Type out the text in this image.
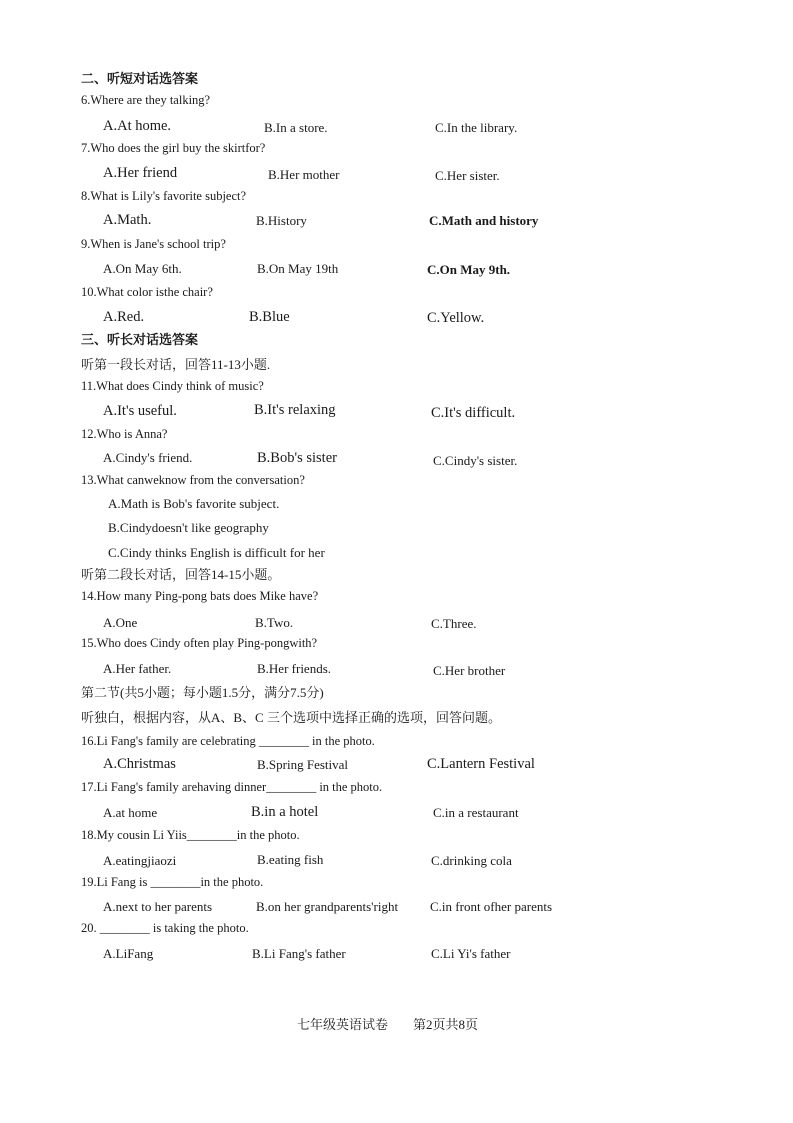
二、听短对话选答案
6.Where are they talking?
A.At home.	B.In a store.	C.In the library.
7.Who does the girl buy the skirtfor?
A.Her friend	B.Her mother	C.Her sister.
8.What is Lily's favorite subject?
A.Math.	B.History	C.Math and history
9.When is Jane's school trip?
A.On May 6th.	B.On May 19th	C.On May 9th.
10.What color isthe chair?
A.Red.	B.Blue	C.Yellow.
三、听长对话选答案
听第一段长对话，回答11-13小题.
11.What does Cindy think of music?
A.It's useful.	B.It's relaxing	C.It's difficult.
12.Who is Anna?
A.Cindy's friend.	B.Bob's sister	C.Cindy's sister.
13.What canweknow from the conversation?
A.Math is Bob's favorite subject.
B.Cindydoesn't like geography
C.Cindy thinks English is difficult for her
听第二段长对话，回答14-15小题。
14.How many Ping-pong bats does Mike have?
A.One	B.Two.	C.Three.
15.Who does Cindy often play Ping-pongwith?
A.Her father.	B.Her friends.	C.Her brother
第二节(共5小题；每小题1.5分，满分7.5分)
听独白，根据内容，从A、B、C 三个选项中选择正确的选项，回答问题。
16.Li Fang's family are celebrating ________ in the photo.
A.Christmas	B.Spring Festival	C.Lantern Festival
17.Li Fang's family arehaving dinner________ in the photo.
A.at home	B.in a hotel	C.in a restaurant
18.My cousin Li Yiis________in the photo.
A.eatingjiaozi	B.eating fish	C.drinking cola
19.Li Fang is ________in the photo.
A.next to her parents	B.on her grandparents'right C.in front ofher parents
20. ________ is taking the photo.
A.LiFang	B.Li Fang's father	C.Li Yi's father
七年级英语试卷 第2页共8页
